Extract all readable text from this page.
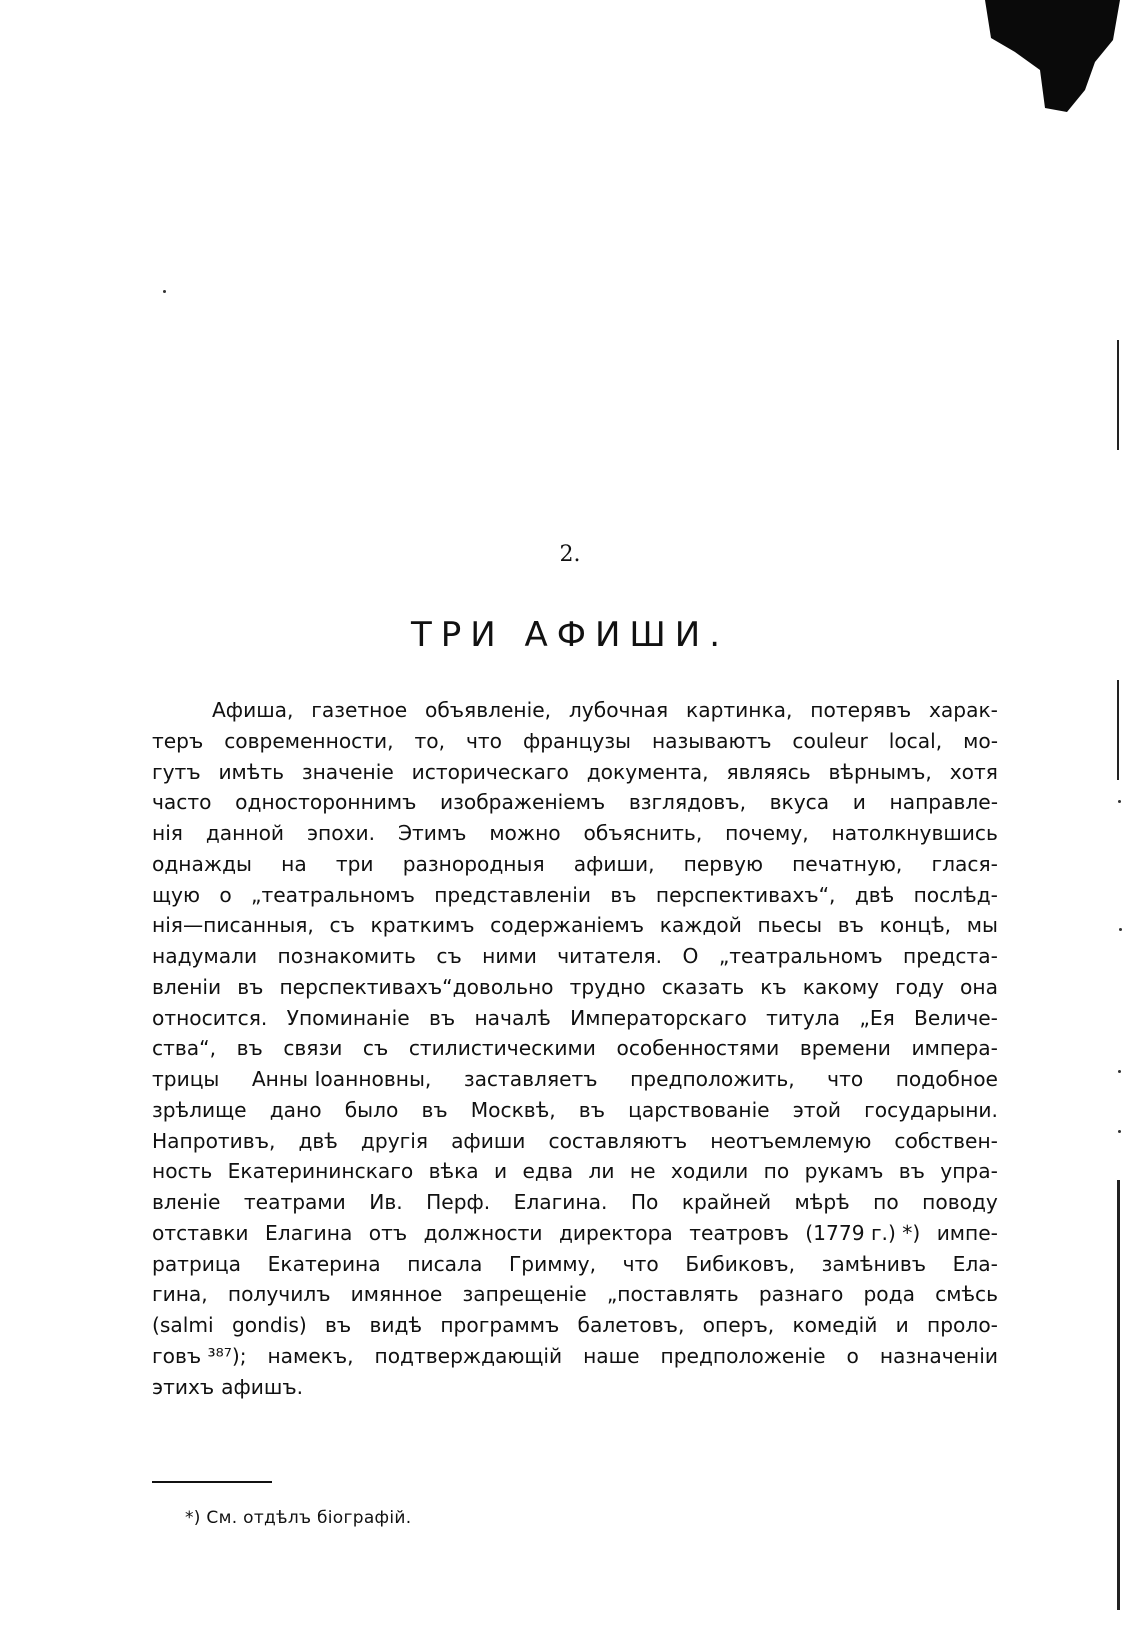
2.
ТРИ АФИШИ.
Афиша, газетное объявленіе, лубочная картинка, потерявъ харак-
теръ современности, то, что французы называютъ couleur local, мо-
гутъ имѣть значеніе историческаго документа, являясь вѣрнымъ, хотя
часто одностороннимъ изображеніемъ взглядовъ, вкуса и направле-
нія данной эпохи. Этимъ можно объяснить, почему, натолкнувшись
однажды на три разнородныя афиши, первую печатную, глася-
щую о „театральномъ представленіи въ перспективахъ“, двѣ послѣд-
нія—писанныя, съ краткимъ содержаніемъ каждой пьесы въ концѣ, мы
надумали познакомить съ ними читателя. О „театральномъ предста-
вленіи въ перспективахъ“довольно трудно сказать къ какому году она
относится. Упоминаніе въ началѣ Императорскаго титула „Ея Величе-
ства“, въ связи съ стилистическими особенностями времени импера-
трицы Анны Іоанновны, заставляетъ предположить, что подобное
зрѣлище дано было въ Москвѣ, въ царствованіе этой государыни.
Напротивъ, двѣ другія афиши составляютъ неотъемлемую собствен-
ность Екатерининскаго вѣка и едва ли не ходили по рукамъ въ упра-
вленіе театрами Ив. Перф. Елагина. По крайней мѣрѣ по поводу
отставки Елагина отъ должности директора театровъ (1779 г.) *) импе-
ратрица Екатерина писала Гримму, что Бибиковъ, замѣнивъ Ела-
гина, получилъ имянное запрещеніе „поставлять разнаго рода смѣсь
(salmi gondis) въ видѣ программъ балетовъ, оперъ, комедій и проло-
говъ ³⁸⁷); намекъ, подтверждающій наше предположеніе о назначеніи
этихъ афишъ.
*) См. отдѣлъ біографій.
